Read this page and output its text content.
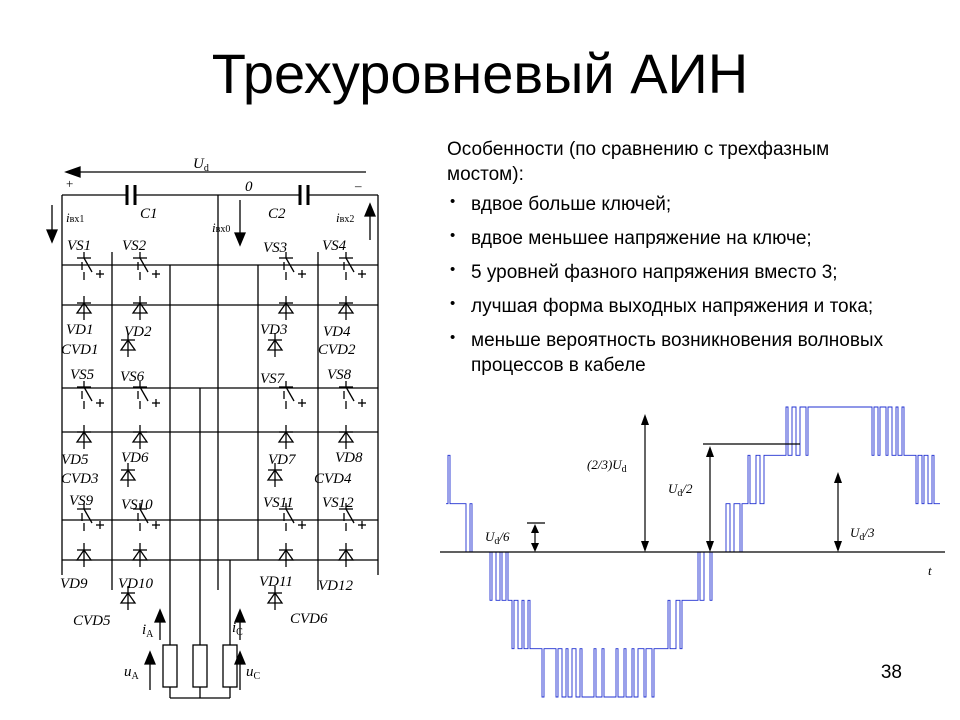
Трехуровневый АИН

Особенности (по сравнению с трехфазным мостом):

• вдвое больше ключей;
• вдвое меньшее напряжение на ключе;
• 5 уровней фазного напряжения вместо 3;
• лучшая форма выходных напряжения и тока;
• меньше вероятность возникновения волновых процессов в кабеле
$U_d$
+	–
0
C1	C2
iвх1
iвх0
iвх2
VS1 VS2	VS3 VS4
VS5 VS6	VS7	VS8
VS9 VS10	VS11 VS12
VD1 VD2	VD3 VD4
VD5 VD6	VD7	VD8
VD9 VD10	VD11 VD12
CVD1	CVD2
CVD3	CVD4
CVD5	CVD6
$i_A$	$i_C$
$u_A$	$u_C$
$(2/3)U_d$
$U_d/2$
$U_d/6$	$U_d/3$
t
38
